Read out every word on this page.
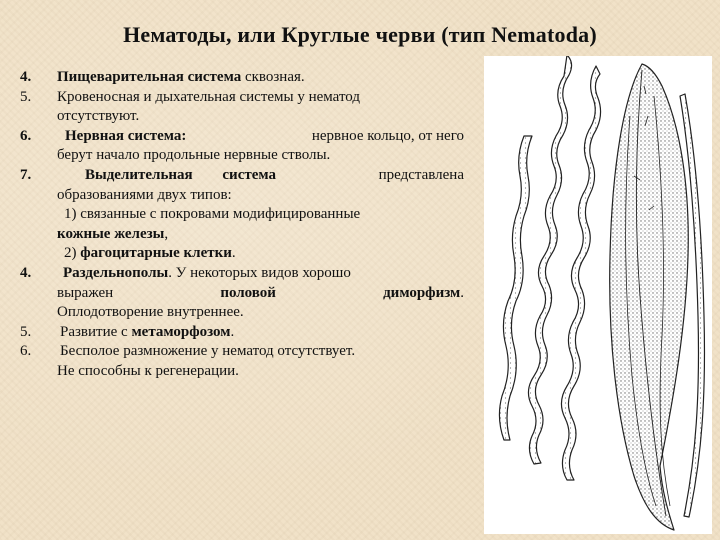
Нематоды, или Круглые черви (тип Nematoda)
4.	Пищеварительная система сквозная.
5.	Кровеносная и дыхательная системы у нематод
отсутствуют.
6.	Нервная система:	нервное кольцо, от него
берут начало продольные нервные стволы.
7.	Выделительная система	представлена
образованиями двух типов:
1) связанные с покровами модифицированные
кожные железы,
2) фагоцитарные клетки.
4.	Раздельнополы. У некоторых видов хорошо
выражен	половой	диморфизм.
Оплодотворение внутреннее.
5.	Развитие с метаморфозом.
6.	Бесполое размножение у нематод отсутствует.
Не способны к регенерации.
